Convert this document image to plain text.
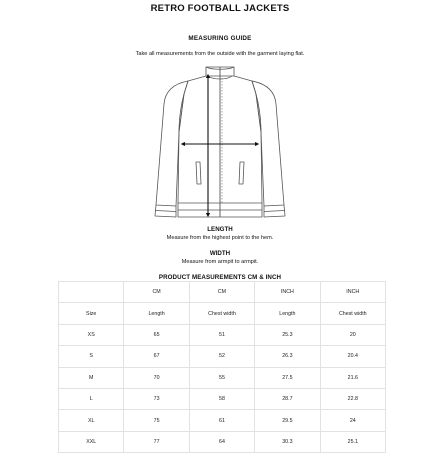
RETRO FOOTBALL JACKETS
MEASURING GUIDE
Take all measurements from the outside with the garment laying flat.
LENGTH
Measure from the highest point to the hem.
WIDTH
Measure from armpit to armpit.
PRODUCT MEASUREMENTS CM & INCH
	CM	CM	INCH	INCH
Size	Length	Chest width	Length	Chest width
XS	65	51	25.3	20
S	67	52	26.3	20.4
M	70	55	27.5	21.6
L	73	58	28.7	22.8
XL	75	61	29.5	24
XXL	77	64	30.3	25.1
